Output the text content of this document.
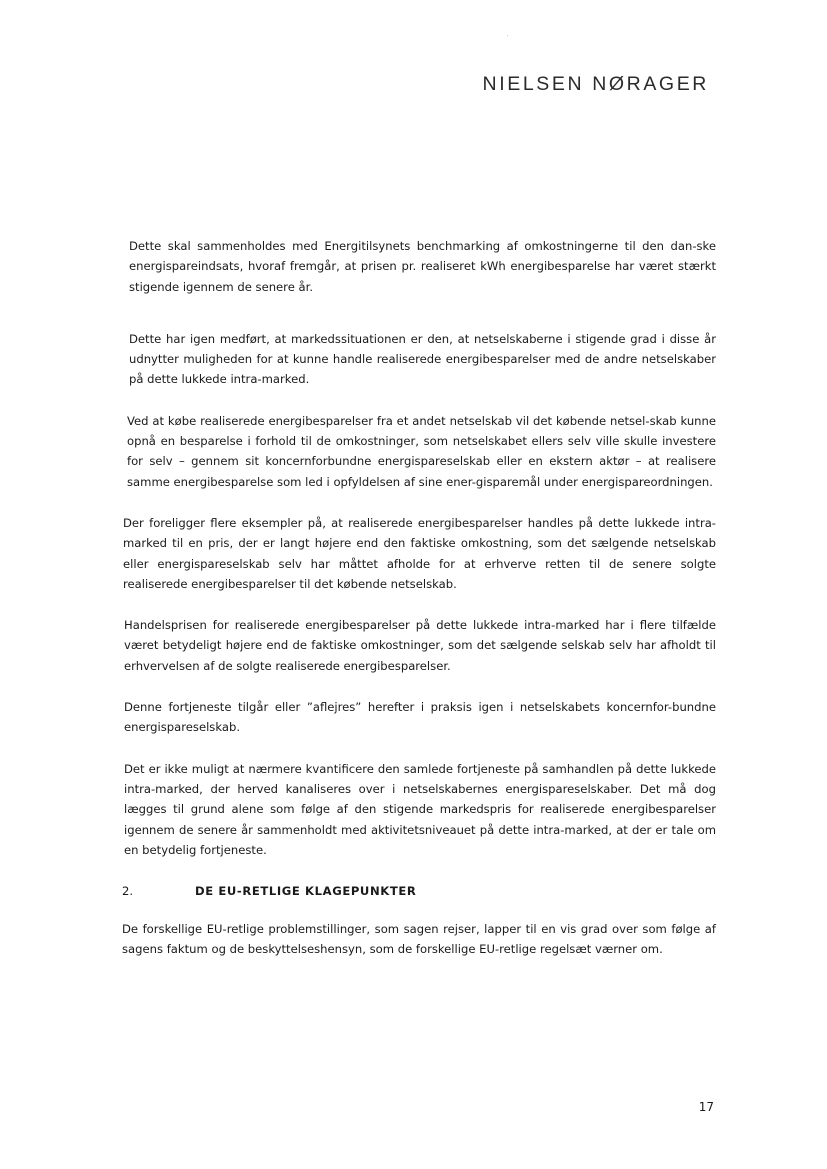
NIELSEN NØRAGER

Dette skal sammenholdes med Energitilsynets benchmarking af omkostningerne til den dan-ske energispareindsats, hvoraf fremgår, at prisen pr. realiseret kWh energibesparelse har været stærkt stigende igennem de senere år.

Dette har igen medført, at markedssituationen er den, at netselskaberne i stigende grad i disse år udnytter muligheden for at kunne handle realiserede energibesparelser med de andre netselskaber på dette lukkede intra-marked.

Ved at købe realiserede energibesparelser fra et andet netselskab vil det købende netsel-skab kunne opnå en besparelse i forhold til de omkostninger, som netselskabet ellers selv ville skulle investere for selv – gennem sit koncernforbundne energispareselskab eller en ekstern aktør – at realisere samme energibesparelse som led i opfyldelsen af sine ener-gisparemål under energispareordningen.

Der foreligger flere eksempler på, at realiserede energibesparelser handles på dette lukkede intra-marked til en pris, der er langt højere end den faktiske omkostning, som det sælgende netselskab eller energispareselskab selv har måttet afholde for at erhverve retten til de senere solgte realiserede energibesparelser til det købende netselskab.

Handelsprisen for realiserede energibesparelser på dette lukkede intra-marked har i flere tilfælde været betydeligt højere end de faktiske omkostninger, som det sælgende selskab selv har afholdt til erhvervelsen af de solgte realiserede energibesparelser.

Denne fortjeneste tilgår eller ”aflejres” herefter i praksis igen i netselskabets koncernfor-bundne energispareselskab.

Det er ikke muligt at nærmere kvantificere den samlede fortjeneste på samhandlen på dette lukkede intra-marked, der herved kanaliseres over i netselskabernes energispareselskaber. Det må dog lægges til grund alene som følge af den stigende markedspris for realiserede energibesparelser igennem de senere år sammenholdt med aktivitetsniveauet på dette intra-marked, at der er tale om en betydelig fortjeneste.

2.	DE EU-RETLIGE KLAGEPUNKTER

De forskellige EU-retlige problemstillinger, som sagen rejser, lapper til en vis grad over som følge af sagens faktum og de beskyttelseshensyn, som de forskellige EU-retlige regelsæt værner om.

17
